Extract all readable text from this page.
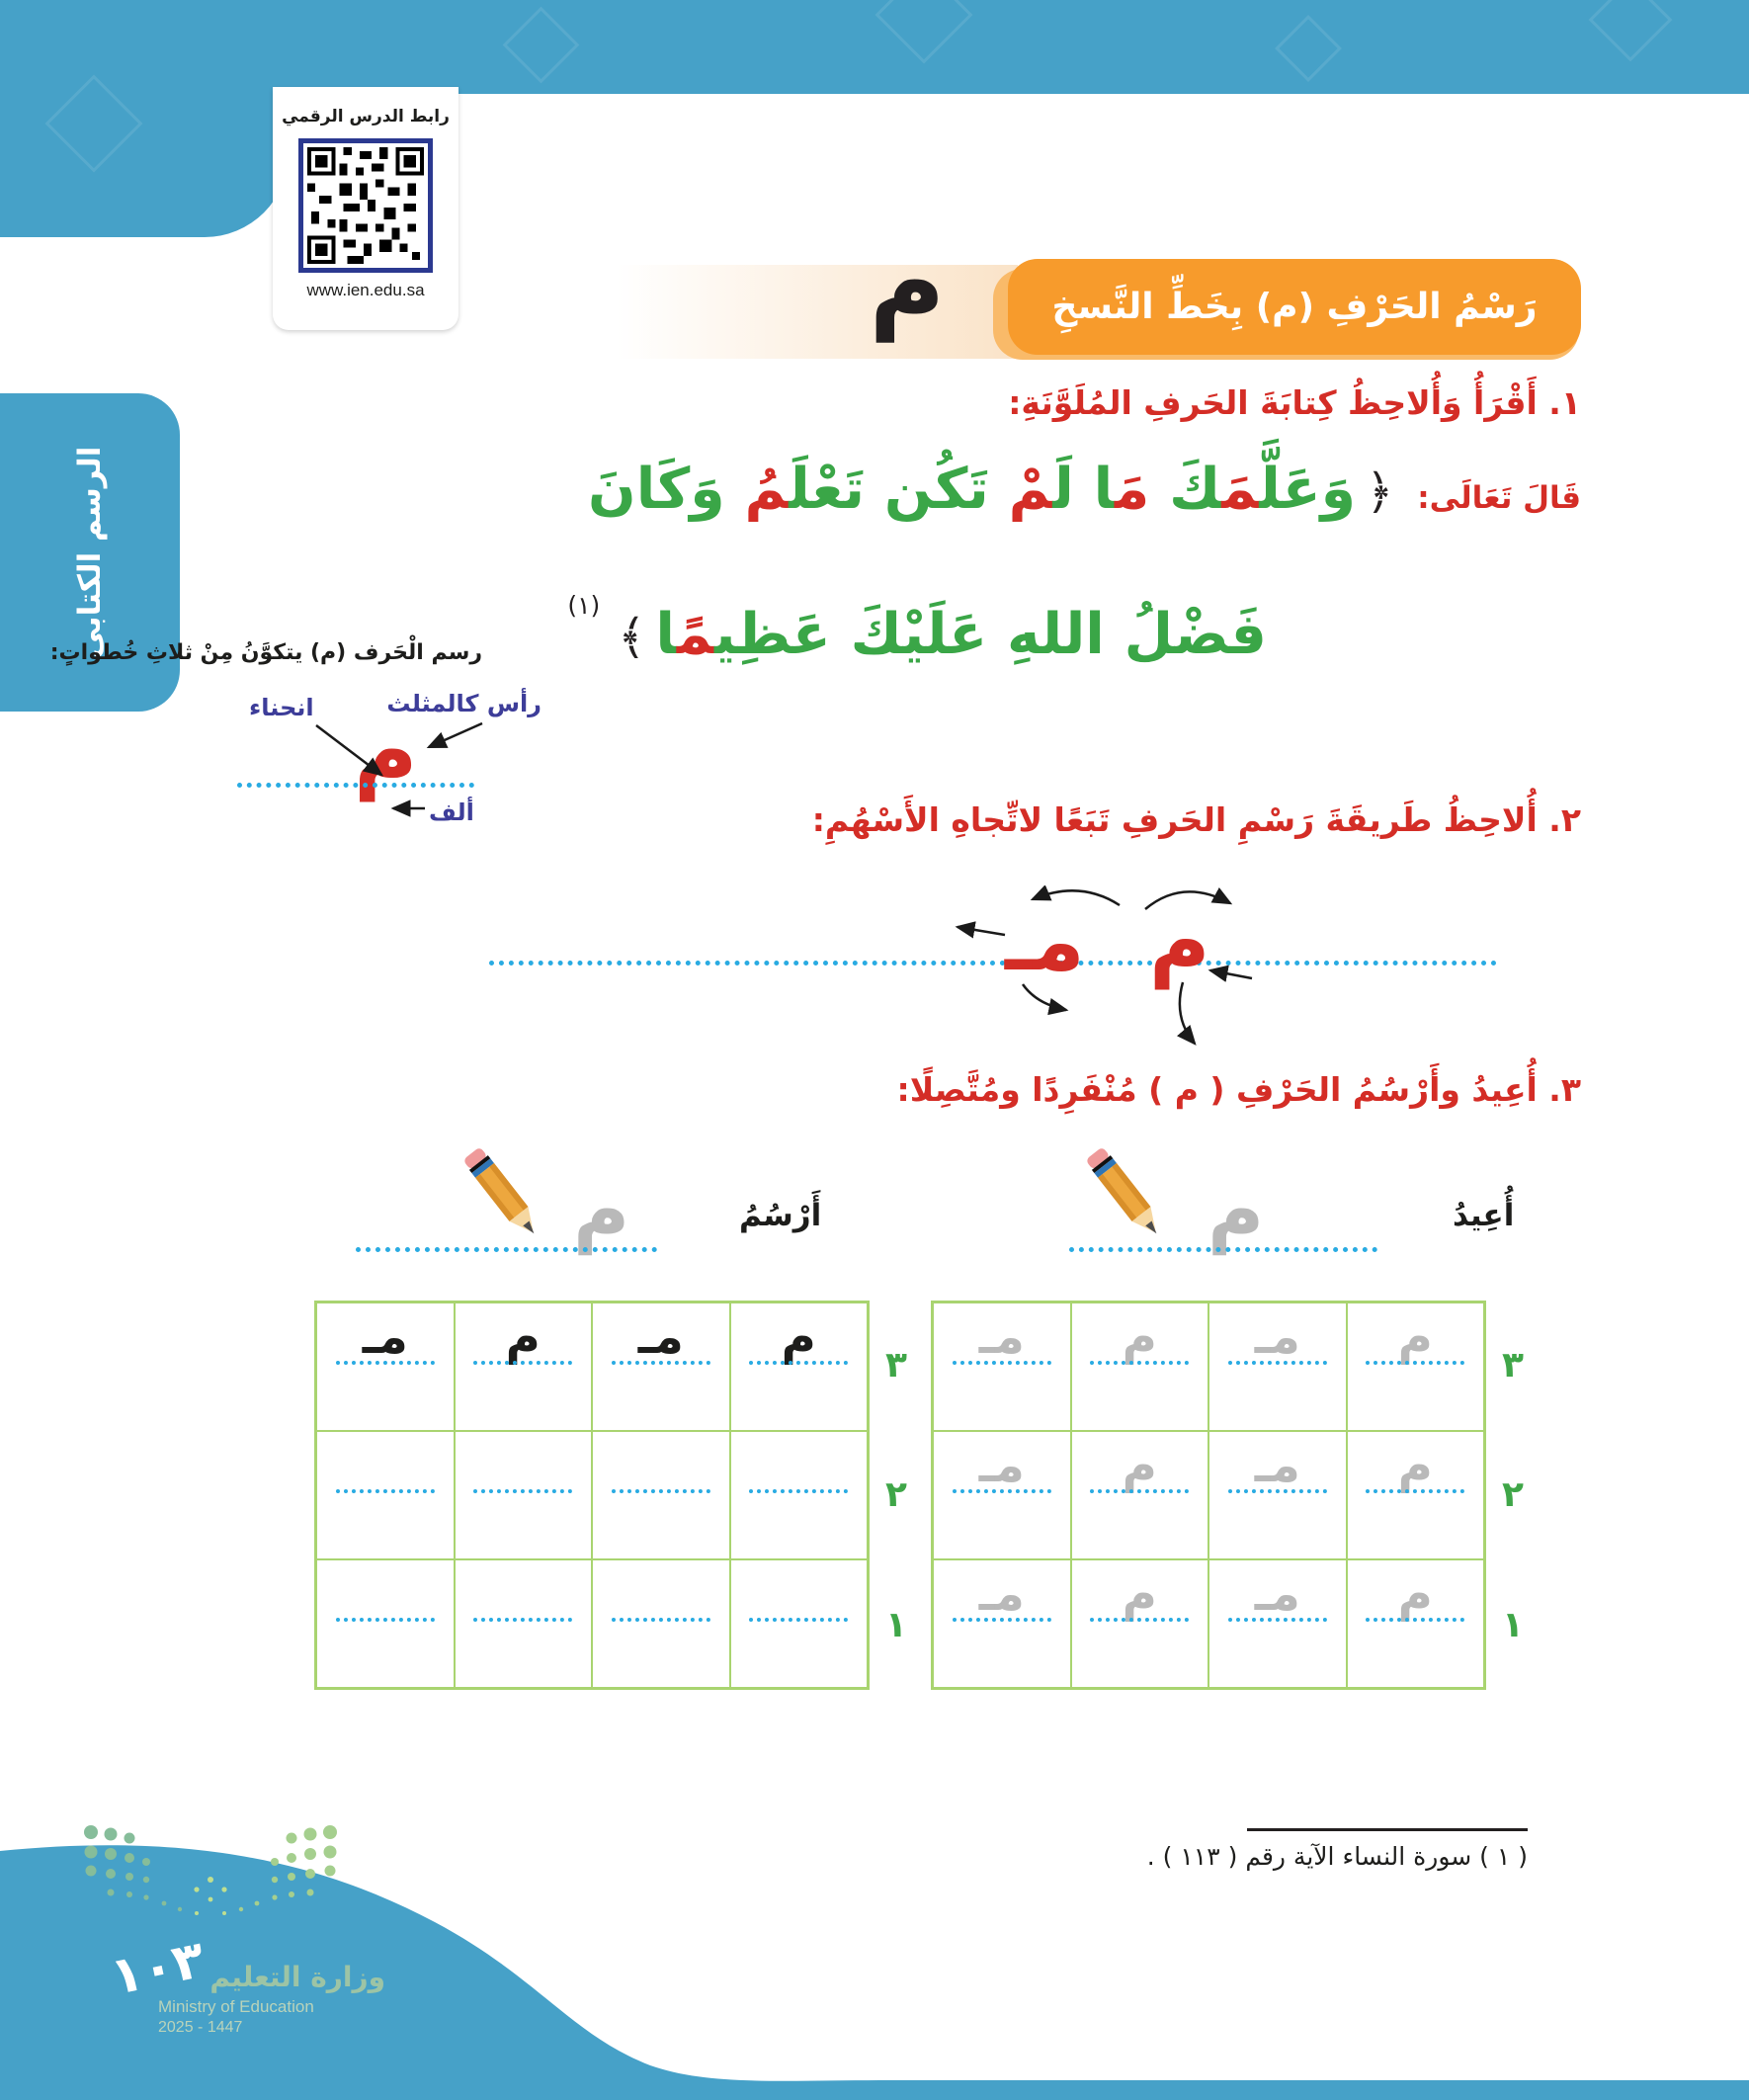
رابط الدرس الرقمي
www.ien.edu.sa
الرسم الكتابي
رَسْمُ الحَرْفِ (م) بِخَطِّ النَّسخِ
م
١. أَقْرَأُ وَأُلاحِظُ كِتابَةَ الحَرفِ المُلَوَّنَةِ:
قَالَ تَعَالَى:﴿وَعَلَّمَكَ مَا لَمْ تَكُن تَعْلَمُ وَكَانَ
فَضْلُ اللهِ عَلَيْكَ عَظِيمًا﴾(١)
رسم الْحَرف (م) يتكوَّنُ مِنْ ثلاثِ خُطواتٍ:
رأس كالمثلث
انحناء م
ألف	٢. أُلاحِظُ طَريقَةَ رَسْمِ الحَرفِ تَبَعًا لاتِّجاهِ الأَسْهُمِ:
مـ م
٣. أُعِيدُ وأَرْسُمُ الحَرْفِ ( م ) مُنْفَرِدًا ومُتَّصِلًا:
أُعِيدُ
م
م
مـ
م
مـ
م
مـ
م
مـ
م
مـ
م
مـ
٣
٢
١
أَرْسُمُ
م
م
مـ
م
مـ
٣
٢
١
( ١ ) سورة النساء الآية رقم ( ١١٣ ) .
وزارة التعليم
Ministry of Education
2025 - 1447
١٠٣
